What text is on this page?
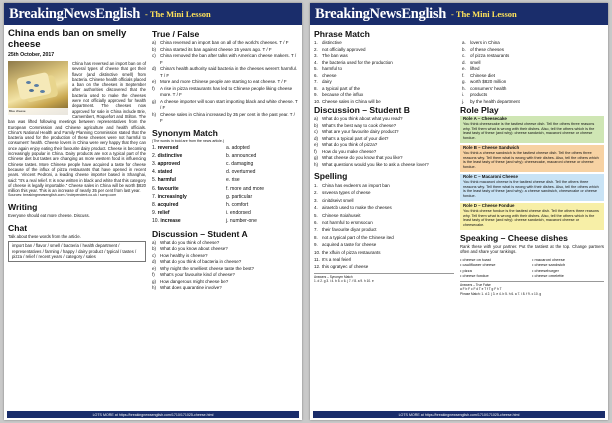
BreakingNewsEnglish - The Mini Lesson
China ends ban on smelly cheese
25th October, 2017
Blue cheese
China has reversed an import ban on of several types of cheese that get their flavor (and distinctive smell) from bacteria. Chinese health officials placed a ban on the cheeses in September after authorities discovered that the bacteria used to make the cheeses were not officially approved for health department. The cheeses now approved for sale in China include Brie, Camembert, Roquefort and Stilton. The ban was lifted following meetings between representatives from the European Commission and Chinese agriculture and health officials. China's National Health and Family Planning Commission stated that the bacteria used for the production of these cheeses were not harmful to consumers' health. Cheese lovers in China were very happy that they can once again enjoy eating their favourite dairy product. Cheese is becoming increasingly popular in China. Dairy products are not a typical part of the Chinese diet but tastes are changing as more western food is influencing Chinese tastes. More Chinese people have acquired a taste for cheese because of the influx of pizza restaurants that have opened in recent years. Vincent Pedroni, a leading cheese importer based in Shanghai, said: "It's a real relief. It is now written in black and white that this category of cheese is legally importable." Cheese sales in China will be worth $820 million this year. This is an increase of nearly 35 per cent from last year.
Sources: breakingnewsenglish.com / independent.co.uk / scmp.com
Writing
Everyone should eat more cheese. Discuss.
Chat
Talk about these words from the article.
import ban / flavor / smell / bacteria / health department / representatives / farming / happy / dairy product / typical / tastes / pizza / relief / recent years / category / sales
True / False
a) China reversed an import ban on all of the world's cheeses. T / F
b) China started its ban against cheese 15 years ago. T / F
c) China removed the ban after talks with American cheese makers. T / F
d) China's health authority said bacteria in the cheeses weren't harmful. T / F
e) More and more Chinese people are starting to eat cheese. T / F
f)	A rise in pizza restaurants has led to Chinese people liking cheese more. T / F
g) A cheese importer will soon start importing black and white cheese. T / F
h) Cheese sales in China increased by 35 per cent in the past year. T / F
Synonym Match
(The words in bold are from the news article.)
1. reversed	a. adopted
2. distinctive	b. announced
3. approved	c. damaging
4. stated	d. overturned
5. harmful	e. rise
6. favourite	f. more and more
7. increasingly	g. particular
8. acquired	h. comfort
9. relief	i. endorsed
10. increase	j. number-one
Discussion – Student A
a) What do you think of cheese?
b) What do you know about cheese?
c) How healthy is cheese?
d) What do you think of bacteria in cheese?
e) Why might the smelliest cheese taste the best?
f)	What's your favourite kind of cheese?
g) How dangerous might cheese be?
h) What does quarantine involve?
LOTS MORE at https://breakingnewsenglish.com/1710/171025-cheese.html
BreakingNewsEnglish - The Mini Lesson
Phrase Match
1. distinctive
2. not officially approved
3. The ban was
4. the bacteria used for the production
5. harmful to
6. cheese
7. dairy
8. a typical part of the
9. because of the influx
10. Cheese sales in China will be
a. lovers in China
b. of these cheeses
c. of pizza restaurants
d. smell
e. lifted
f.	Chinese diet
g. worth $820 million
h. consumers' health
i.	products
j.	by the health department
Discussion – Student B
a) What do you think about what you read?
b) What's the best way to cook cheese?
c) What are your favourite dairy product?
d) What's a typical part of your diet?
e) What do you think of pizza?
f)	How do you make cheese?
g) What cheese do you know that you like?
h) What questions would you like to ask a cheese lover?
Spelling
1. China has evdeerrs an import ban
2. ssveera types of cheese
3. cinitdseivt smell
4. airaetcb used to make the cheeses
5. Chinese rtoiahuseit
6. not harmful to ersmsocun
7. their favourite diyar product
8. not a typical part of the Chinese ited
9. acquired a taste for cheese
10. the xlfuin of pizza restaurants
11. It's a real feierl
12. this ogratyec of cheese
Answers – Synonym Match
1. d 2. g 3. i 4. b 5. c 6. j 7. f 8. a 9. h 10. e
Role Play
Role A – Cheesecake
You think cheesecake is the tastiest cheese dish. Tell the others three reasons why. Tell them what is wrong with their dishes. Also, tell the others which is the least tasty of these (and why): cheese sandwich, macaroni cheese or cheese fondue.
Role B – Cheese Sandwich
You think a cheese sandwich is the tastiest cheese dish. Tell the others three reasons why. Tell them what is wrong with their dishes. Also, tell the others which is the least tasty of these (and why): cheesecake, macaroni cheese or cheese fondue.
Role C – Macaroni Cheese
You think macaroni cheese is the tastiest cheese dish. Tell the others three reasons why. Tell them what is wrong with their dishes. Also, tell the others which is the least tasty of these (and why): a cheese sandwich, cheesecake or cheese fondue.
Role D – Cheese Fondue
You think cheese fondue is the tastiest cheese dish. Tell the others three reasons why. Tell them what is wrong with their dishes. Also, tell the others which is the least tasty of these (and why): cheese sandwich, macaroni cheese or cheesecake.
Speaking – Cheese dishes
Rank these with your partner. Put the tastiest at the top. Change partners often and share your rankings.
• cheese on toast	• macaroni cheese
• cauliflower cheese	• cheese sandwich
• pizza	• cheeseburger
• cheese fondue	• cheese omelette
Answers – True False
a F b F c F d T e T f T g F h T
Phrase Match: 1. d 2. j 3. e 4. b 5. h 6. a 7. i 8. f 9. c 10. g
LOTS MORE at https://breakingnewsenglish.com/1710/171025-cheese.html
